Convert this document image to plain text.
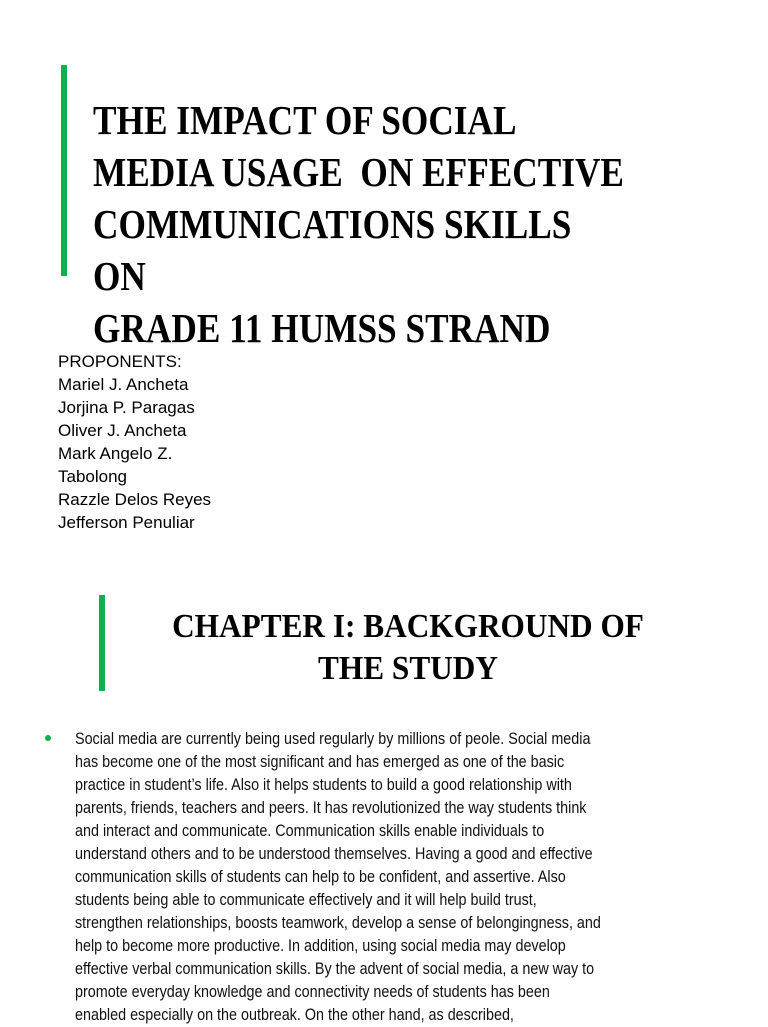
THE IMPACT OF SOCIAL
MEDIA USAGE  ON EFFECTIVE
COMMUNICATIONS SKILLS
ON
GRADE 11 HUMSS STRAND
PROPONENTS:
Mariel J. Ancheta
Jorjina P. Paragas
Oliver J. Ancheta
Mark Angelo Z.
Tabolong
Razzle Delos Reyes
Jefferson Penuliar
CHAPTER I: BACKGROUND OF
THE STUDY
Social media are currently being used regularly by millions of peole. Social media
has become one of the most significant and has emerged as one of the basic
practice in student’s life. Also it helps students to build a good relationship with
parents, friends, teachers and peers. It has revolutionized the way students think
and interact and communicate. Communication skills enable individuals to
understand others and to be understood themselves. Having a good and effective
communication skills of students can help to be confident, and assertive. Also
students being able to communicate effectively and it will help build trust,
strengthen relationships, boosts teamwork, develop a sense of belongingness, and
help to become more productive. In addition, using social media may develop
effective verbal communication skills. By the advent of social media, a new way to
promote everyday knowledge and connectivity needs of students has been
enabled especially on the outbreak. On the other hand, as described,
